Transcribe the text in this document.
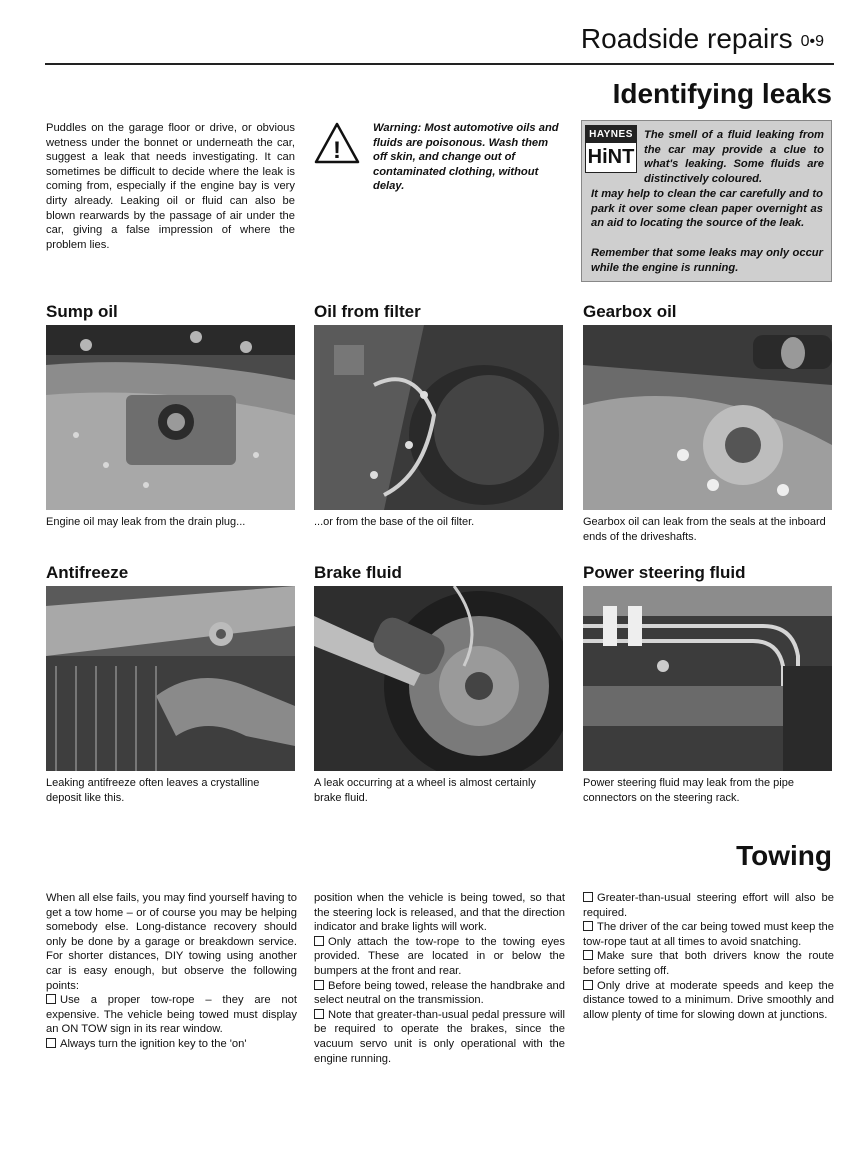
Roadside repairs 0•9
Identifying leaks
Puddles on the garage floor or drive, or obvious wetness under the bonnet or underneath the car, suggest a leak that needs investigating. It can sometimes be difficult to decide where the leak is coming from, especially if the engine bay is very dirty already. Leaking oil or fluid can also be blown rearwards by the passage of air under the car, giving a false impression of where the problem lies.
!
Warning: Most automotive oils and fluids are poisonous. Wash them off skin, and change out of contaminated clothing, without delay.
HAYNES
HiNT
The smell of a fluid leaking from the car may provide a clue to what's leaking. Some fluids are distinctively coloured.
It may help to clean the car carefully and to park it over some clean paper overnight as an aid to locating the source of the leak.
Remember that some leaks may only occur while the engine is running.
Sump oil
Engine oil may leak from the drain plug...
Oil from filter
...or from the base of the oil filter.
Gearbox oil
Gearbox oil can leak from the seals at the inboard ends of the driveshafts.
Antifreeze
Leaking antifreeze often leaves a crystalline deposit like this.
Brake fluid
A leak occurring at a wheel is almost certainly brake fluid.
Power steering fluid
Power steering fluid may leak from the pipe connectors on the steering rack.
Towing

When all else fails, you may find yourself having to get a tow home – or of course you may be helping somebody else. Long-distance recovery should only be done by a garage or breakdown service. For shorter distances, DIY towing using another car is easy enough, but observe the following points:

Use a proper tow-rope – they are not expensive. The vehicle being towed must display an ON TOW sign in its rear window.

Always turn the ignition key to the 'on'

position when the vehicle is being towed, so that the steering lock is released, and that the direction indicator and brake lights will work.

Only attach the tow-rope to the towing eyes provided. These are located in or below the bumpers at the front and rear.

Before being towed, release the handbrake and select neutral on the transmission.

Note that greater-than-usual pedal pressure will be required to operate the brakes, since the vacuum servo unit is only operational with the engine running.

Greater-than-usual steering effort will also be required.

The driver of the car being towed must keep the tow-rope taut at all times to avoid snatching.

Make sure that both drivers know the route before setting off.

Only drive at moderate speeds and keep the distance towed to a minimum. Drive smoothly and allow plenty of time for slowing down at junctions.
